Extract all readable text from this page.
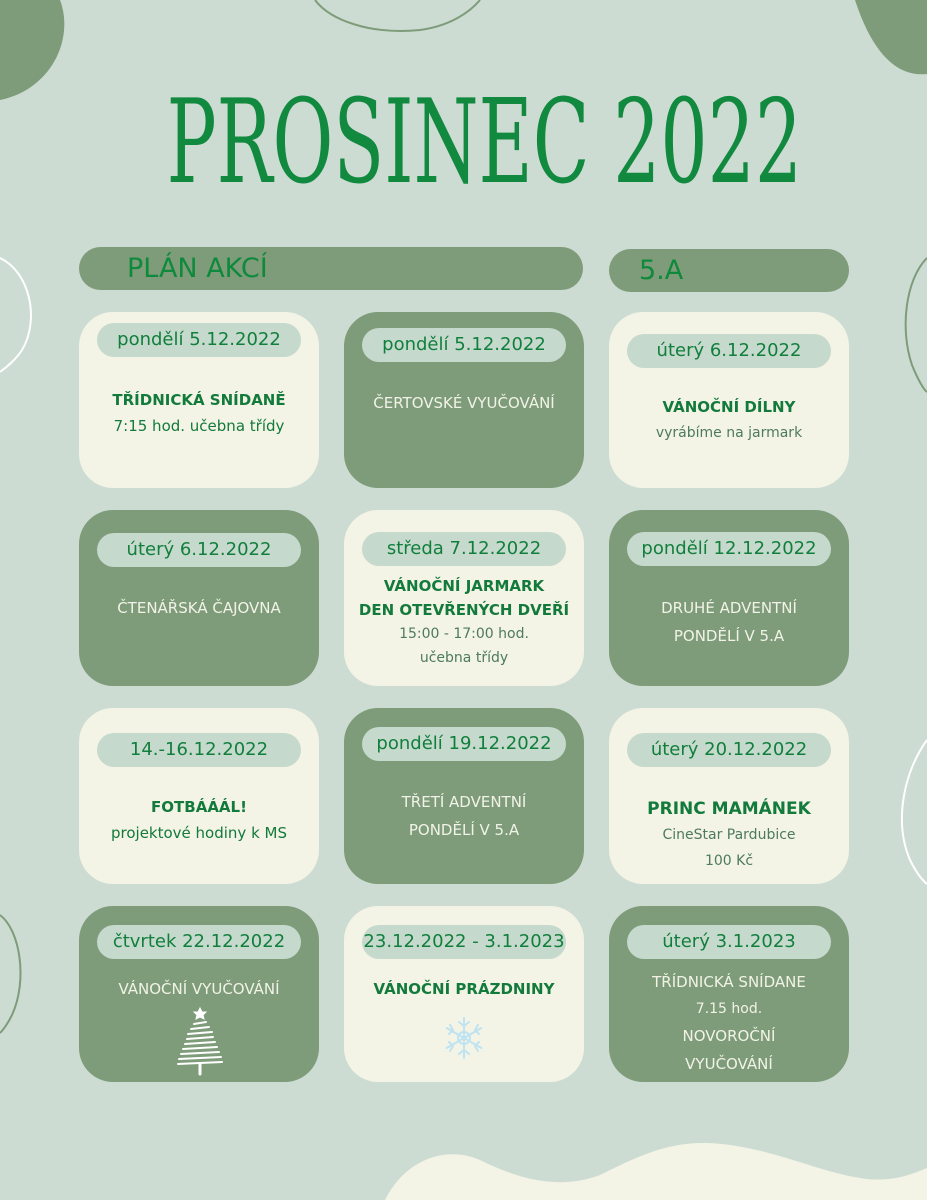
PROSINEC 2022
PLÁN AKCÍ	5.A
pondělí 5.12.2022
TŘÍDNICKÁ SNÍDANĚ
7:15 hod. učebna třídy
pondělí 5.12.2022
ČERTOVSKÉ VYUČOVÁNÍ
úterý 6.12.2022
VÁNOČNÍ DÍLNY
vyrábíme na jarmark
úterý 6.12.2022
ČTENÁŘSKÁ ČAJOVNA
středa 7.12.2022
VÁNOČNÍ JARMARK
DEN OTEVŘENÝCH DVEŘÍ
15:00 - 17:00 hod.
učebna třídy
pondělí 12.12.2022
DRUHÉ ADVENTNÍ
PONDĚLÍ V 5.A
14.-16.12.2022
FOTBÁÁÁL!
projektové hodiny k MS
pondělí 19.12.2022
TŘETÍ ADVENTNÍ
PONDĚLÍ V 5.A
úterý 20.12.2022
PRINC MAMÁNEK
CineStar Pardubice
100 Kč
čtvrtek 22.12.2022
VÁNOČNÍ VYUČOVÁNÍ
23.12.2022 - 3.1.2023
VÁNOČNÍ PRÁZDNINY
úterý 3.1.2023
TŘÍDNICKÁ SNÍDANE
7.15 hod.
NOVOROČNÍ
VYUČOVÁNÍ
